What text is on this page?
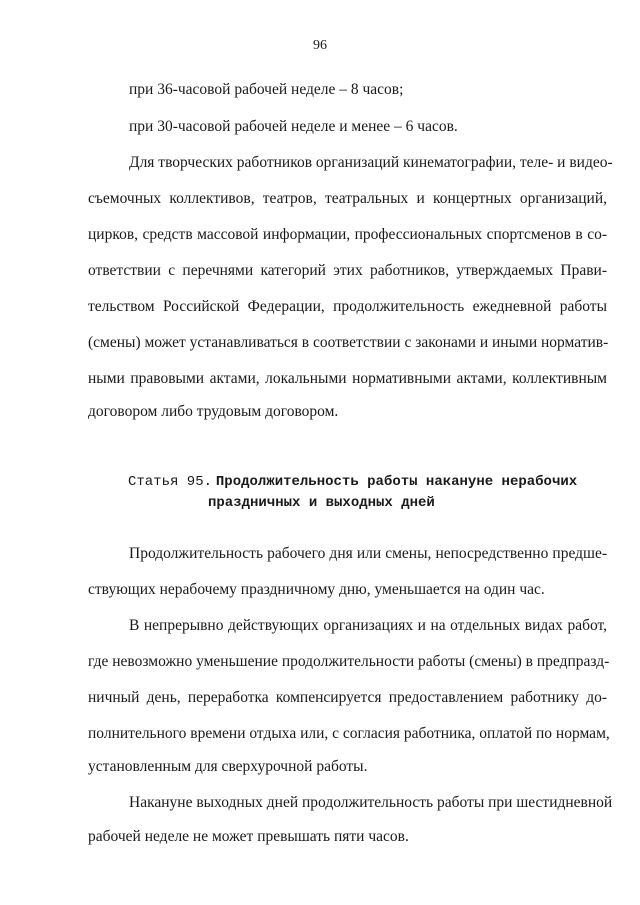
96
при 36-часовой рабочей неделе – 8 часов;
при 30-часовой рабочей неделе и менее – 6 часов.
Для творческих работников организаций кинематографии, теле- и видео-
съемочных коллективов, театров, театральных и концертных организаций,
цирков, средств массовой информации, профессиональных спортсменов в со-
ответствии с перечнями категорий этих работников, утверждаемых Прави-
тельством Российской Федерации, продолжительность ежедневной работы
(смены) может устанавливаться в соответствии с законами и иными норматив-
ными правовыми актами, локальными нормативными актами, коллективным
договором либо трудовым договором.
Статья 95. Продолжительность работы накануне нерабочих
праздничных и выходных дней
Продолжительность рабочего дня или смены, непосредственно предше-
ствующих нерабочему праздничному дню, уменьшается на один час.
В непрерывно действующих организациях и на отдельных видах работ,
где невозможно уменьшение продолжительности работы (смены) в предпразд-
ничный день, переработка компенсируется предоставлением работнику до-
полнительного времени отдыха или, с согласия работника, оплатой по нормам,
установленным для сверхурочной работы.
Накануне выходных дней продолжительность работы при шестидневной
рабочей неделе не может превышать пяти часов.
